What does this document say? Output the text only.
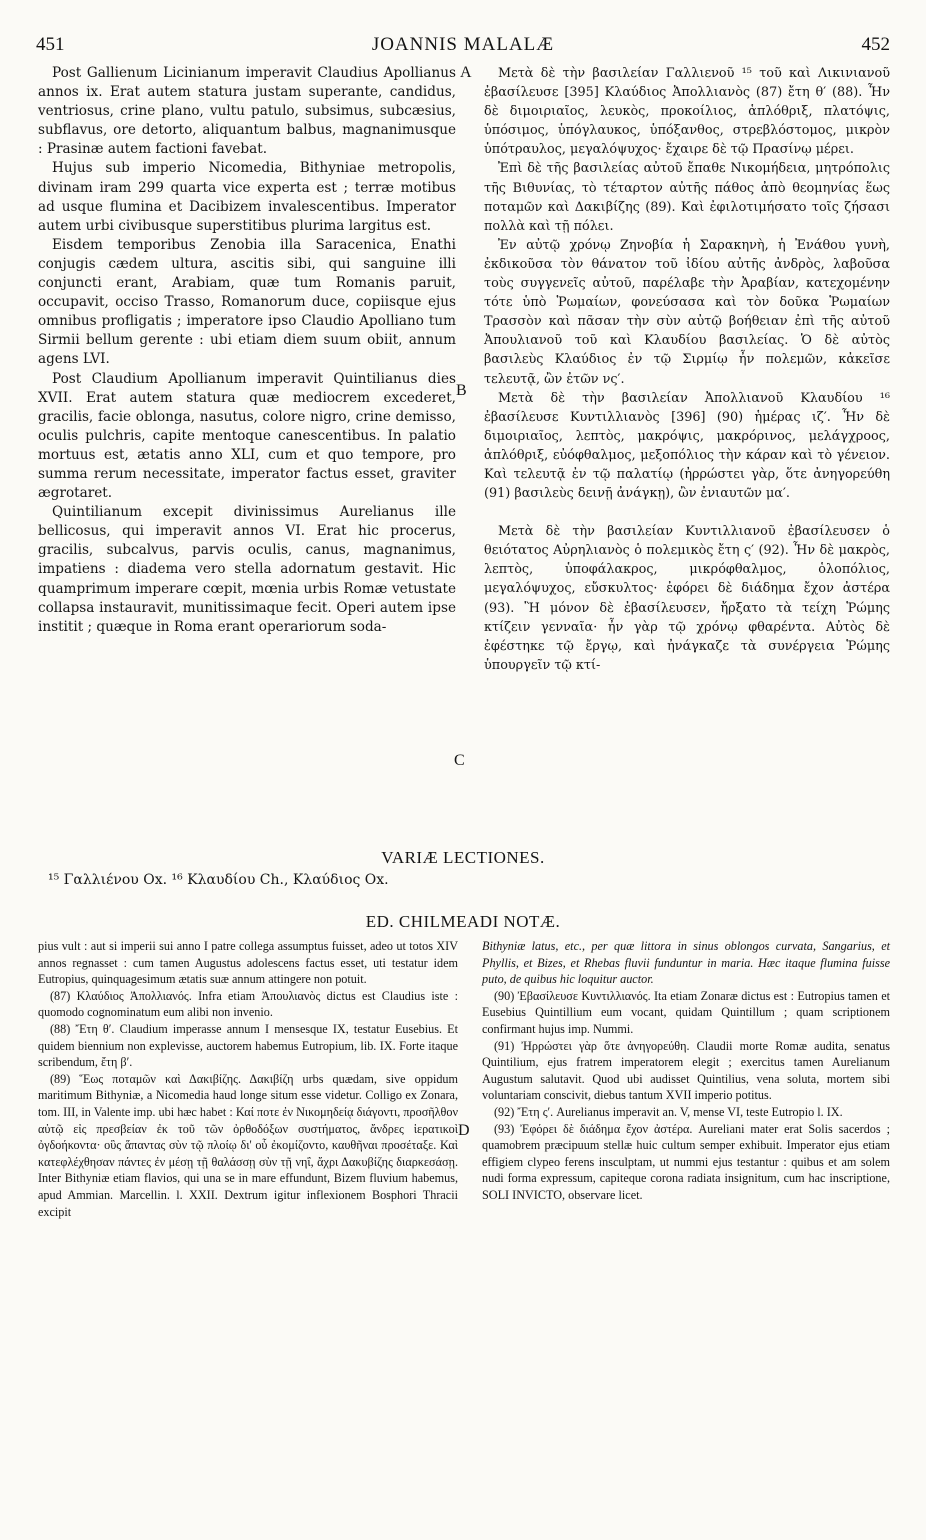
451	JOANNIS MALALÆ	452
A
B
C
D

Post Gallienum Licinianum imperavit Claudius Apollianus annos ix. Erat autem statura justam superante, candidus, ventriosus, crine plano, vultu patulo, subsimus, subcæsius, subflavus, ore detorto, aliquantum balbus, magnanimusque : Prasinæ autem factioni favebat.

Hujus sub imperio Nicomedia, Bithyniae metropolis, divinam iram 299 quarta vice experta est ; terræ motibus ad usque flumina et Dacibizem invalescentibus. Imperator autem urbi civibusque superstitibus plurima largitus est.

Eisdem temporibus Zenobia illa Saracenica, Enathi conjugis cædem ultura, ascitis sibi, qui sanguine illi conjuncti erant, Arabiam, quæ tum Romanis paruit, occupavit, occiso Trasso, Romanorum duce, copiisque ejus omnibus profligatis ; imperatore ipso Claudio Apolliano tum Sirmii bellum gerente : ubi etiam diem suum obiit, annum agens LVI.

Post Claudium Apollianum imperavit Quintilianus dies XVII. Erat autem statura quæ mediocrem excederet, gracilis, facie oblonga, nasutus, colore nigro, crine demisso, oculis pulchris, capite mentoque canescentibus. In palatio mortuus est, ætatis anno XLI, cum et quo tempore, pro summa rerum necessitate, imperator factus esset, graviter ægrotaret.

Quintilianum excepit divinissimus Aurelianus ille bellicosus, qui imperavit annos VI. Erat hic procerus, gracilis, subcalvus, parvis oculis, canus, magnanimus, impatiens : diadema vero stella adornatum gestavit. Hic quamprimum imperare cœpit, mœnia urbis Romæ vetustate collapsa instauravit, munitissimaque fecit. Operi autem ipse institit ; quæque in Roma erant operariorum soda-

Μετὰ δὲ τὴν βασιλείαν Γαλλιενοῦ ¹⁵ τοῦ καὶ Λικινιανοῦ ἐβασίλευσε [395] Κλαύδιος Ἀπολλιανὸς (87) ἔτη θ′ (88). Ἦν δὲ διμοιριαῖος, λευκὸς, προκοίλιος, ἁπλόθριξ, πλατόψις, ὑπόσιμος, ὑπόγλαυκος, ὑπόξανθος, στρεβλόστομος, μικρὸν ὑπότραυλος, μεγαλόψυχος· ἔχαιρε δὲ τῷ Πρασίνῳ μέρει.

Ἐπὶ δὲ τῆς βασιλείας αὐτοῦ ἔπαθε Νικομήδεια, μητρόπολις τῆς Βιθυνίας, τὸ τέταρτον αὐτῆς πάθος ἀπὸ θεομηνίας ἕως ποταμῶν καὶ Δακιβίζης (89). Καὶ ἐφιλοτιμήσατο τοῖς ζήσασι πολλὰ καὶ τῇ πόλει.

Ἐν αὐτῷ χρόνῳ Ζηνοβία ἡ Σαρακηνὴ, ἡ Ἐνάθου γυνὴ, ἐκδικοῦσα τὸν θάνατον τοῦ ἰδίου αὐτῆς ἀνδρὸς, λαβοῦσα τοὺς συγγενεῖς αὐτοῦ, παρέλαβε τὴν Ἀραβίαν, κατεχομένην τότε ὑπὸ Ῥωμαίων, φονεύσασα καὶ τὸν δοῦκα Ῥωμαίων Τρασσὸν καὶ πᾶσαν τὴν σὺν αὐτῷ βοήθειαν ἐπὶ τῆς αὐτοῦ Ἀπουλιανοῦ τοῦ καὶ Κλαυδίου βασιλείας. Ὁ δὲ αὐτὸς βασιλεὺς Κλαύδιος ἐν τῷ Σιρμίῳ ἦν πολεμῶν, κἀκεῖσε τελευτᾷ, ὢν ἐτῶν νς′.

Μετὰ δὲ τὴν βασιλείαν Ἀπολλιανοῦ Κλαυδίου ¹⁶ ἐβασίλευσε Κυντιλλιανὸς [396] (90) ἡμέρας ιζ′. Ἦν δὲ διμοιριαῖος, λεπτὸς, μακρόψις, μακρόρινος, μελάγχροος, ἁπλόθριξ, εὐόφθαλμος, μεξοπόλιος τὴν κάραν καὶ τὸ γένειον. Καὶ τελευτᾷ ἐν τῷ παλατίῳ (ἠρρώστει γὰρ, ὅτε ἀνηγορεύθη (91) βασιλεὺς δεινῇ ἀνάγκῃ), ὢν ἐνιαυτῶν μα′.

Μετὰ δὲ τὴν βασιλείαν Κυντιλλιανοῦ ἐβασίλευσεν ὁ θειότατος Αὐρηλιανὸς ὁ πολεμικὸς ἔτη ς′ (92). Ἦν δὲ μακρὸς, λεπτὸς, ὑποφάλακρος, μικρόφθαλμος, ὁλοπόλιος, μεγαλόψυχος, εὔσκυλτος· ἐφόρει δὲ διάδημα ἔχον ἀστέρα (93). Ἢ μόνον δὲ ἐβασίλευσεν, ἤρξατο τὰ τείχη Ῥώμης κτίζειν γενναῖα· ἦν γὰρ τῷ χρόνῳ φθαρέντα. Αὐτὸς δὲ ἐφέστηκε τῷ ἔργῳ, καὶ ἠνάγκαζε τὰ συνέργεια Ῥώμης ὑπουργεῖν τῷ κτί-

VARIÆ LECTIONES.
¹⁵ Γαλλιένου Ox. ¹⁶ Κλαυδίου Ch., Κλαύδιος Ox.
ED. CHILMEADI NOTÆ.

pius vult : aut si imperii sui anno I patre collega assumptus fuisset, adeo ut totos XIV annos regnasset : cum tamen Augustus adolescens factus esset, uti testatur idem Eutropius, quinquagesimum ætatis suæ annum attingere non potuit.

(87) Κλαύδιος Ἀπολλιανός. Infra etiam Ἀπουλιανὸς dictus est Claudius iste : quomodo cognominatum eum alibi non invenio.

(88) Ἔτη θ′. Claudium imperasse annum I mensesque IX, testatur Eusebius. Et quidem biennium non explevisse, auctorem habemus Eutropium, lib. IX. Forte itaque scribendum, ἔτη β′.

(89) Ἕως ποταμῶν καὶ Δακιβίζης. Δακιβίζη urbs quædam, sive oppidum maritimum Bithyniæ, a Nicomedia haud longe situm esse videtur. Colligo ex Zonara, tom. III, in Valente imp. ubi hæc habet : Καί ποτε ἐν Νικομηδείᾳ διάγοντι, προσῆλθον αὐτῷ εἰς πρεσβείαν ἐκ τοῦ τῶν ὀρθοδόξων συστήματος, ἄνδρες ἱερατικοὶ ὀγδοήκοντα· οὓς ἅπαντας σὺν τῷ πλοίῳ δι' οὗ ἐκομίζοντο, καυθῆναι προσέταξε. Καὶ κατεφλέχθησαν πάντες ἐν μέσῃ τῇ θαλάσσῃ σὺν τῇ νηΐ, ἄχρι Δακυβίζης διαρκεσάσῃ. Inter Bithyniæ etiam flavios, qui una se in mare effundunt, Bizem fluvium habemus, apud Ammian. Marcellin. l. XXII. Dextrum igitur inflexionem Bosphori Thracii excipit

Bithyniæ latus, etc., per quæ littora in sinus oblongos curvata, Sangarius, et Phyllis, et Bizes, et Rhebas fluvii funduntur in maria. Hæc itaque flumina fuisse puto, de quibus hic loquitur auctor.

(90) Ἐβασίλευσε Κυντιλλιανός. Ita etiam Zonaræ dictus est : Eutropius tamen et Eusebius Quintillium eum vocant, quidam Quintillum ; quam scriptionem confirmant hujus imp. Nummi.

(91) Ἠρρώστει γὰρ ὅτε ἀνηγορεύθη. Claudii morte Romæ audita, senatus Quintilium, ejus fratrem imperatorem elegit ; exercitus tamen Aurelianum Augustum salutavit. Quod ubi audisset Quintilius, vena soluta, mortem sibi voluntariam conscivit, diebus tantum XVII imperio potitus.

(92) Ἔτη ς′. Aurelianus imperavit an. V, mense VI, teste Eutropio l. IX.

(93) Ἐφόρει δὲ διάδημα ἔχον ἀστέρα. Aureliani mater erat Solis sacerdos ; quamobrem præcipuum stellæ huic cultum semper exhibuit. Imperator ejus etiam effigiem clypeo ferens insculptam, ut nummi ejus testantur : quibus et am solem nudi forma expressum, capiteque corona radiata insignitum, cum hac inscriptione, SOLI INVICTO, observare licet.
